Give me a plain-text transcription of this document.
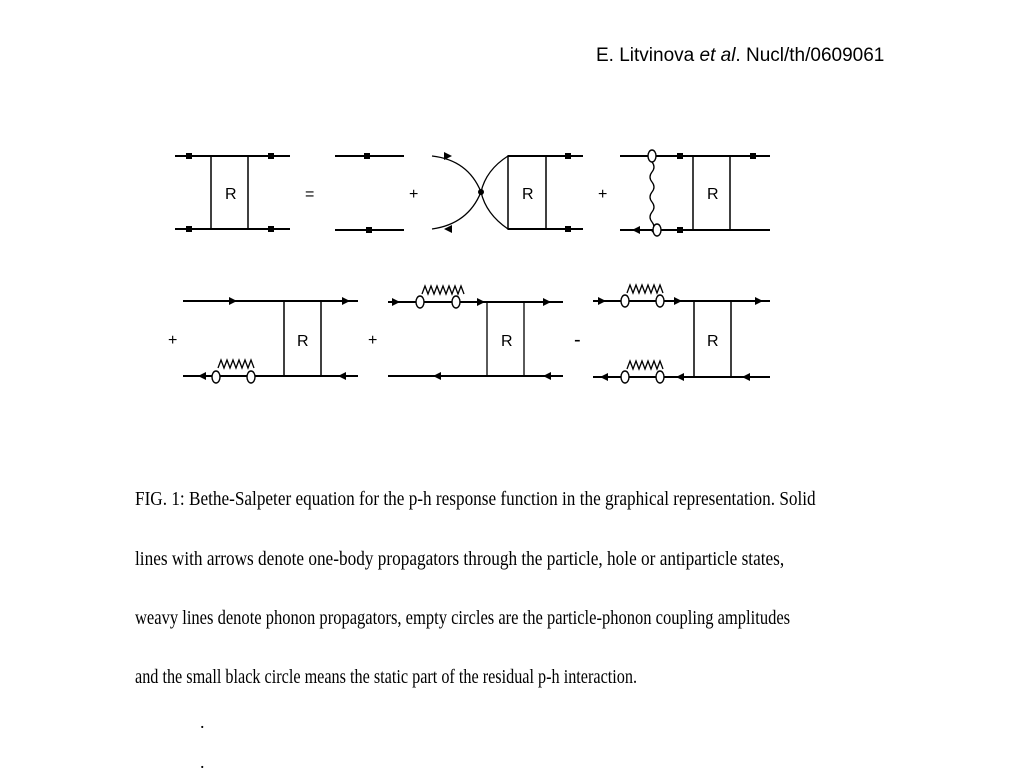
E. Litvinova et al. Nucl/th/0609061
R	=	+	R	+	R
+	R	+	R	-	R
FIG. 1: Bethe-Salpeter equation for the p-h response function in the graphical representation. Solid
lines with arrows denote one-body propagators through the particle, hole or antiparticle states,
weavy lines denote phonon propagators, empty circles are the particle-phonon coupling amplitudes
and the small black circle means the static part of the residual p-h interaction.
.
.
